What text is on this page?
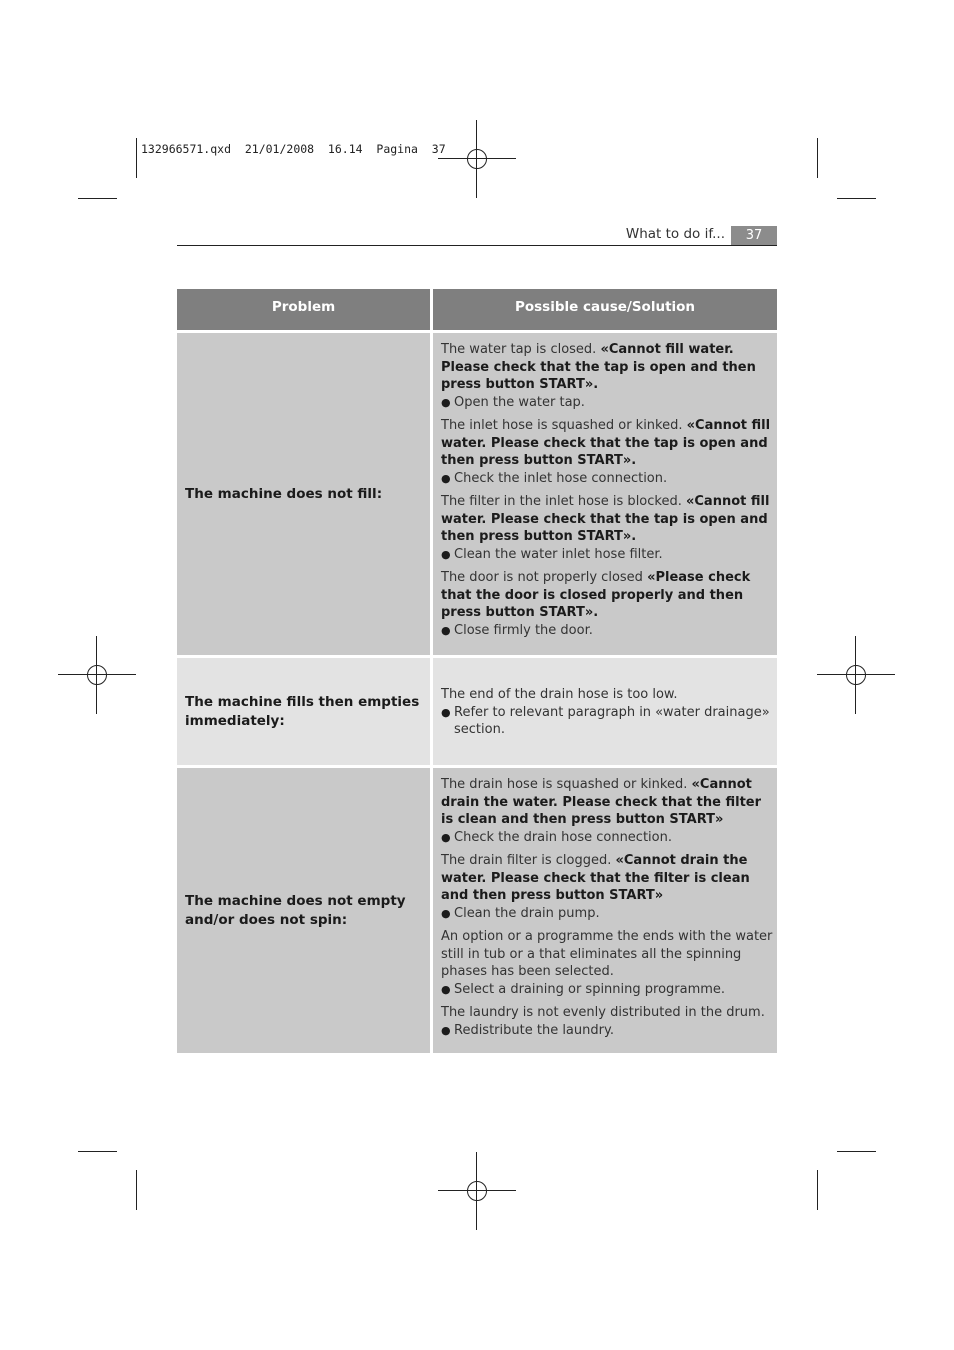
132966571.qxd  21/01/2008  16.14  Pagina  37
What to do if...	37
Problem	Possible cause/Solution
The machine does not fill:
The water tap is closed. «Cannot fill water. Please check that the tap is open and then press button START».
● Open the water tap.
The inlet hose is squashed or kinked. «Cannot fill water. Please check that the tap is open and then press button START».
● Check the inlet hose connection.
The filter in the inlet hose is blocked. «Cannot fill water. Please check that the tap is open and then press button START».
● Clean the water inlet hose filter.
The door is not properly closed «Please check that the door is closed properly and then press button START».
● Close firmly the door.
The machine fills then empties immediately:
The end of the drain hose is too low.
● Refer to relevant paragraph in «water drainage» section.
The machine does not empty and/or does not spin:
The drain hose is squashed or kinked. «Cannot drain the water. Please check that the filter is clean and then press button START»
● Check the drain hose connection.
The drain filter is clogged. «Cannot drain the water. Please check that the filter is clean and then press button START»
● Clean the drain pump.
An option or a programme the ends with the water still in tub or a that eliminates all the spinning phases has been selected.
● Select a draining or spinning programme.
The laundry is not evenly distributed in the drum.
● Redistribute the laundry.
